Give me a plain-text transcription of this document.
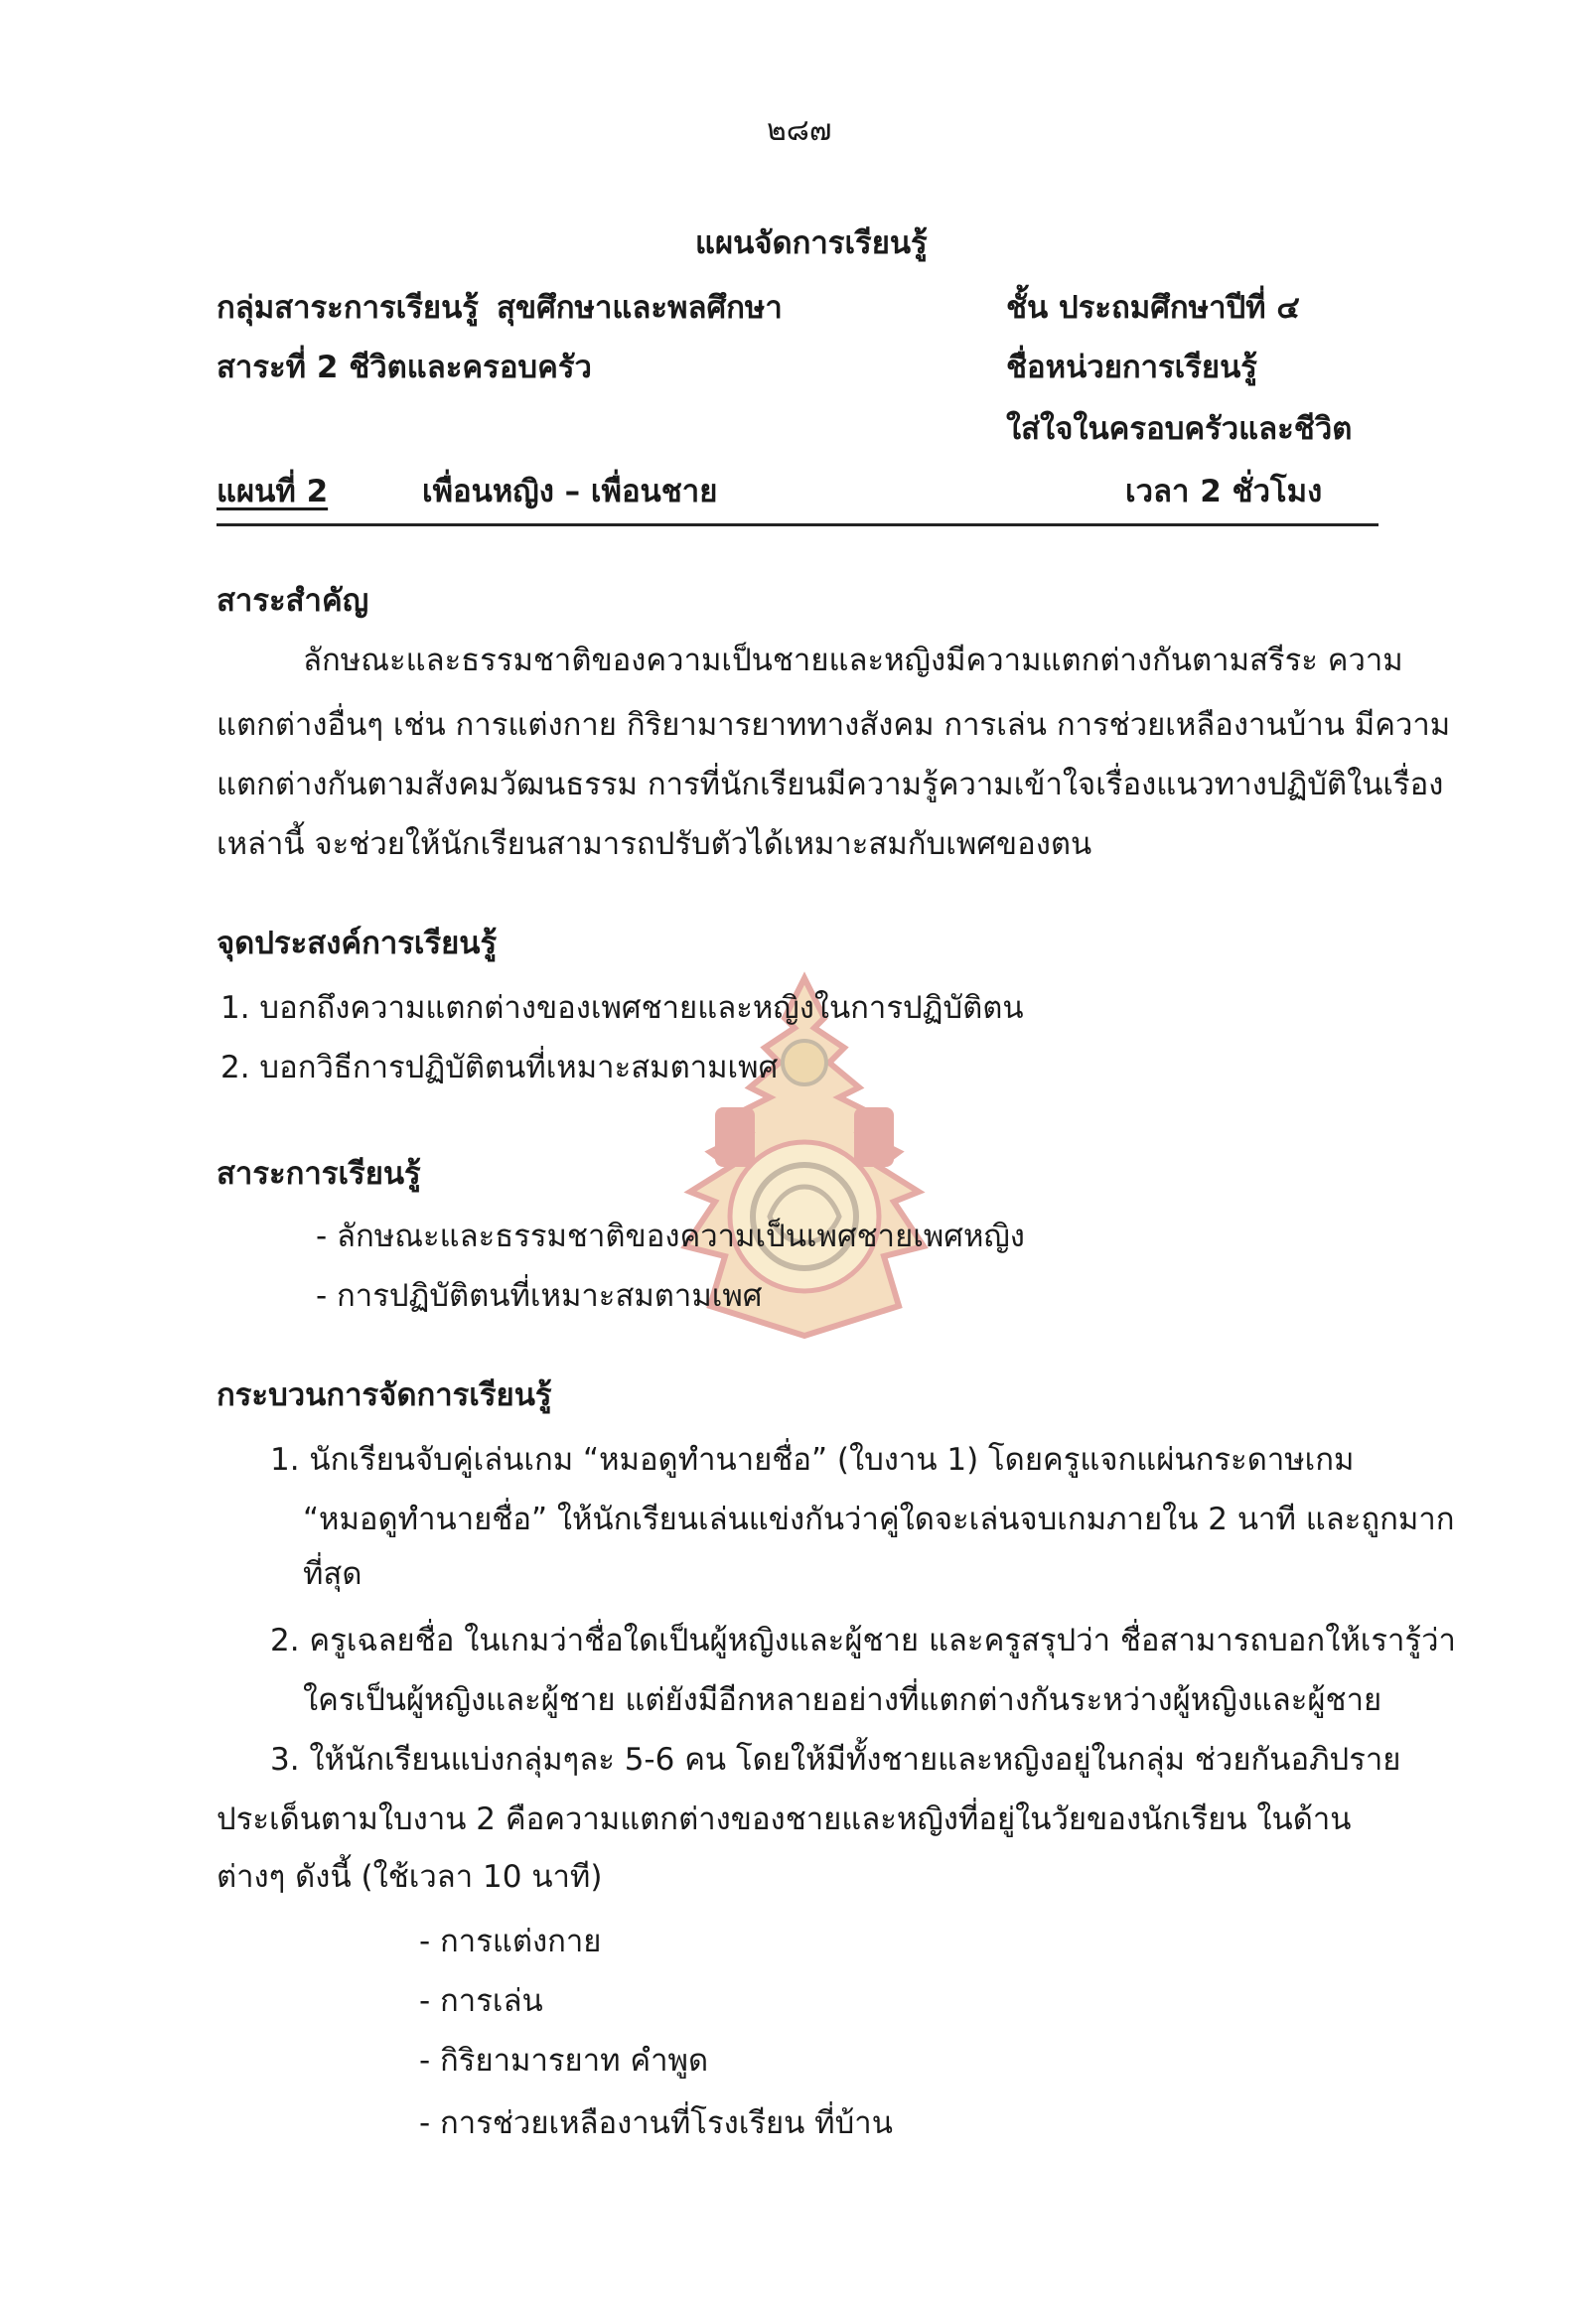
๒๘๗
แผนจัดการเรียนรู้
กลุ่มสาระการเรียนรู้ สุขศึกษาและพลศึกษา	ชั้น ประถมศึกษาปีที่ ๔
สาระที่ 2 ชีวิตและครอบครัว	ชื่อหน่วยการเรียนรู้
ใส่ใจในครอบครัวและชีวิต
แผนที่ 2	เพื่อนหญิง – เพื่อนชาย	เวลา 2 ชั่วโมง
สาระสำคัญ
ลักษณะและธรรมชาติของความเป็นชายและหญิงมีความแตกต่างกันตามสรีระ ความ
แตกต่างอื่นๆ เช่น การแต่งกาย กิริยามารยาททางสังคม การเล่น การช่วยเหลืองานบ้าน มีความ
แตกต่างกันตามสังคมวัฒนธรรม การที่นักเรียนมีความรู้ความเข้าใจเรื่องแนวทางปฏิบัติในเรื่อง
เหล่านี้ จะช่วยให้นักเรียนสามารถปรับตัวได้เหมาะสมกับเพศของตน
จุดประสงค์การเรียนรู้
1. บอกถึงความแตกต่างของเพศชายและหญิงในการปฏิบัติตน
2. บอกวิธีการปฏิบัติตนที่เหมาะสมตามเพศ
สาระการเรียนรู้
- ลักษณะและธรรมชาติของความเป็นเพศชายเพศหญิง
- การปฏิบัติตนที่เหมาะสมตามเพศ
กระบวนการจัดการเรียนรู้
1. นักเรียนจับคู่เล่นเกม “หมอดูทำนายชื่อ” (ใบงาน 1) โดยครูแจกแผ่นกระดาษเกม
“หมอดูทำนายชื่อ” ให้นักเรียนเล่นแข่งกันว่าคู่ใดจะเล่นจบเกมภายใน 2 นาที และถูกมาก
ที่สุด
2. ครูเฉลยชื่อ ในเกมว่าชื่อใดเป็นผู้หญิงและผู้ชาย และครูสรุปว่า ชื่อสามารถบอกให้เรารู้ว่า
ใครเป็นผู้หญิงและผู้ชาย แต่ยังมีอีกหลายอย่างที่แตกต่างกันระหว่างผู้หญิงและผู้ชาย
3. ให้นักเรียนแบ่งกลุ่มๆละ 5-6 คน โดยให้มีทั้งชายและหญิงอยู่ในกลุ่ม ช่วยกันอภิปราย
ประเด็นตามใบงาน 2 คือความแตกต่างของชายและหญิงที่อยู่ในวัยของนักเรียน ในด้าน
ต่างๆ ดังนี้ (ใช้เวลา 10 นาที)
- การแต่งกาย
- การเล่น
- กิริยามารยาท คำพูด
- การช่วยเหลืองานที่โรงเรียน ที่บ้าน
